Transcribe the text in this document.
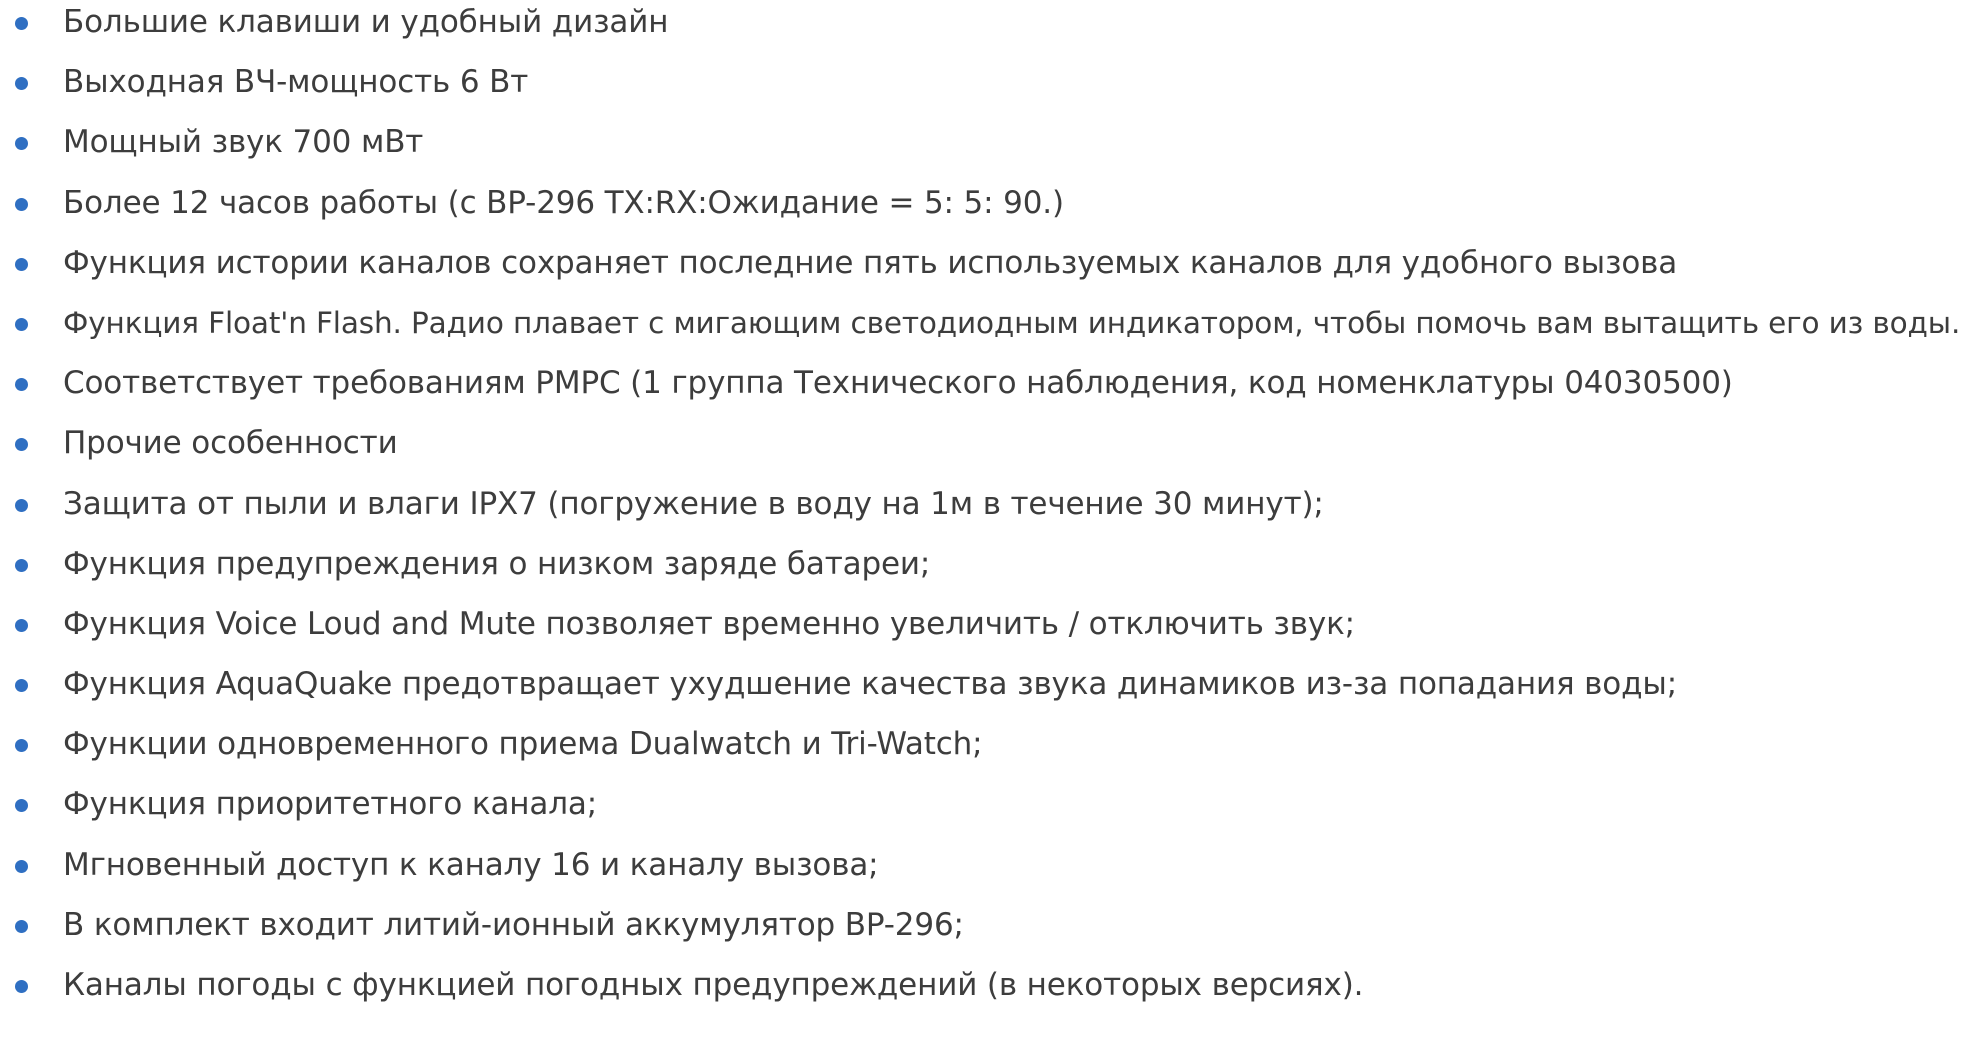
Большие клавиши и удобный дизайн
Выходная ВЧ-мощность 6 Вт
Мощный звук 700 мВт
Более 12 часов работы (с BP-296 TX:RX:Ожидание = 5: 5: 90.)
Функция истории каналов сохраняет последние пять используемых каналов для удобного вызова
Функция Float'n Flash. Радио плавает с мигающим светодиодным индикатором, чтобы помочь вам вытащить его из воды.
Соответствует требованиям РМРС (1 группа Технического наблюдения, код номенклатуры 04030500)
Прочие особенности
Защита от пыли и влаги IPX7 (погружение в воду на 1м в течение 30 минут);
Функция предупреждения о низком заряде батареи;
Функция Voice Loud and Mute позволяет временно увеличить / отключить звук;
Функция AquaQuake предотвращает ухудшение качества звука динамиков из-за попадания воды;
Функции одновременного приема Dualwatch и Tri-Watch;
Функция приоритетного канала;
Мгновенный доступ к каналу 16 и каналу вызова;
В комплект входит литий-ионный аккумулятор BP-296;
Каналы погоды с функцией погодных предупреждений (в некоторых версиях).
